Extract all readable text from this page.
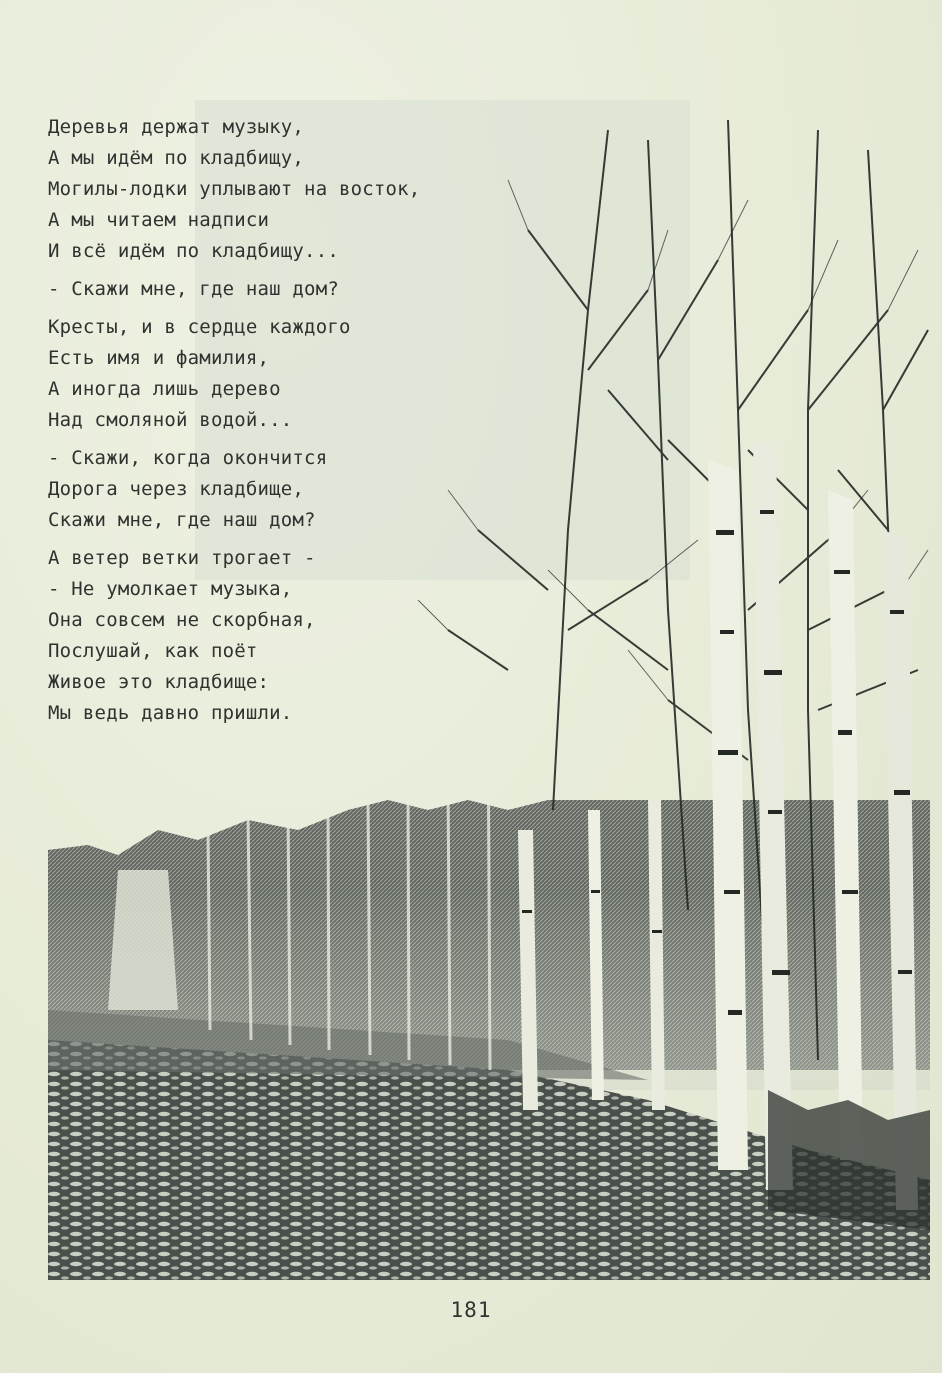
Деревья держат музыку,
А мы идём по кладбищу,
Могилы-лодки уплывают на восток,
А мы читаем надписи
И всё идём по кладбищу...
- Скажи мне, где наш дом?
Кресты, и в сердце каждого
Есть имя и фамилия,
А иногда лишь дерево
Над смоляной водой...
- Скажи, когда окончится
Дорога через кладбище,
Скажи мне, где наш дом?
А ветер ветки трогает -
- Не умолкает музыка,
Она совсем не скорбная,
Послушай, как поёт
Живое это кладбище:
Мы ведь давно пришли.
181
